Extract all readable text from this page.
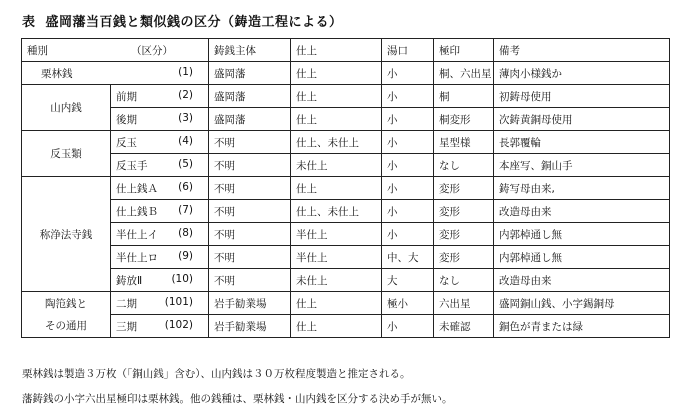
表 盛岡藩当百銭と類似銭の区分（鋳造工程による）
種別 （区分）		鋳銭主体	仕上	湯口	極印	備考

栗林銭 (1)		盛岡藩	仕上	小	桐、六出星	薄肉小様銭か
山内銭	前期 (2)	盛岡藩	仕上	小	桐	初鋳母使用

	後期 (3)	盛岡藩	仕上	小	桐変形	次鋳黄銅母使用
反玉類	反玉 (4)	不明	仕上、未仕上	小	星型様	長郭覆輪

	反玉手 (5)	不明	未仕上	小	なし	本座写、銅山手
称浄法寺銭	仕上銭Ａ (6)	不明	仕上	小	変形	鋳写母由来,

	仕上銭Ｂ (7)	不明	仕上、未仕上	小	変形	改造母由来

	半仕上イ (8)	不明	半仕上	小	変形	内郭棹通し無

	半仕上ロ (9)	不明	半仕上	中、大	変形	内郭棹通し無

	鋳放Ⅱ (10)	不明	未仕上	大	なし	改造母由来
陶笵銭と	二期 (101)	岩手勧業場	仕上	極小	六出星	盛岡銅山銭、小字錫銅母
その通用	三期 (102)	岩手勧業場	仕上	小	未確認	銅色が青または緑
栗林銭は製造３万枚（「銅山銭」含む）、山内銭は３０万枚程度製造と推定される。
藩鋳銭の小字六出星極印は栗林銭。他の銭種は、栗林銭・山内銭を区分する決め手が無い。
